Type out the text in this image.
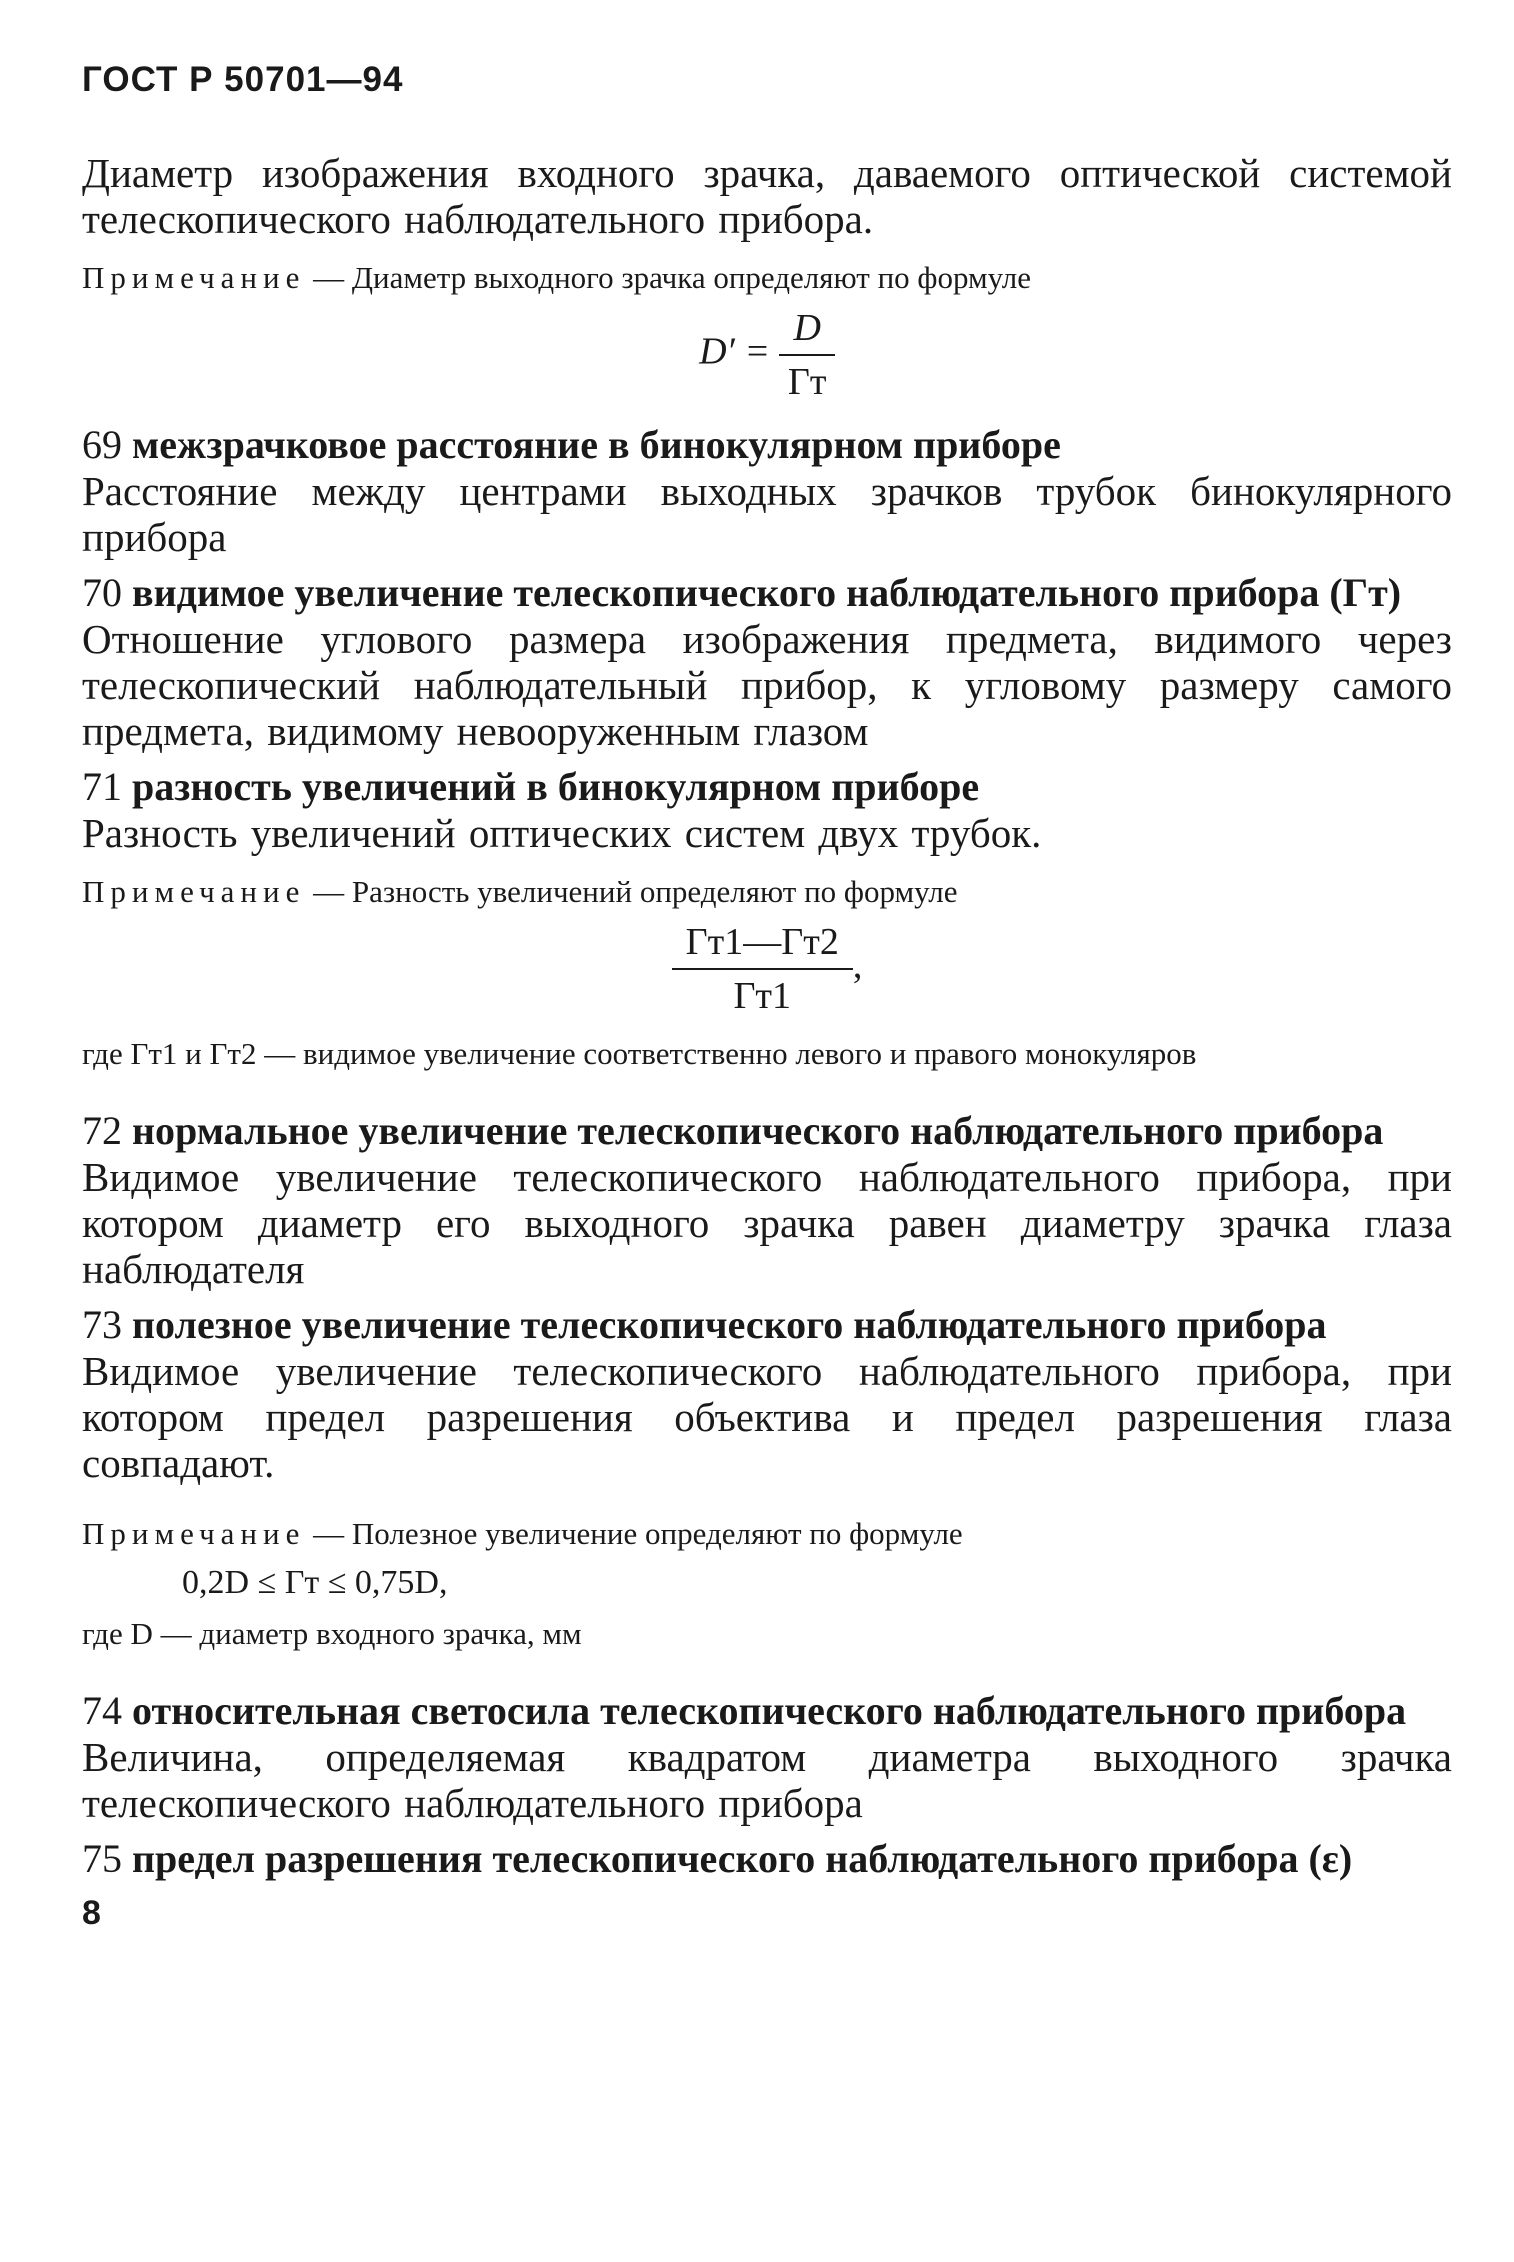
ГОСТ Р 50701—94
Диаметр изображения входного зрачка, даваемого оптической системой телескопического наблюдательного прибора.
Примечание — Диаметр выходного зрачка определяют по формуле
$D' = \frac{D}{Гт}$
69 межзрачковое расстояние в бинокулярном приборе
Расстояние между центрами выходных зрачков трубок бинокулярного прибора
70 видимое увеличение телескопического наблюдательного прибора (Гт)
Отношение углового размера изображения предмета, видимого через телескопический наблюдательный прибор, к угловому размеру самого предмета, видимому невооруженным глазом
71 разность увеличений в бинокулярном приборе
Разность увеличений оптических систем двух трубок.
Примечание — Разность увеличений определяют по формуле
$\frac{Гт1—Гт2}{Гт1}$ ,
где Гт1 и Гт2 — видимое увеличение соответственно левого и правого монокуляров
72 нормальное увеличение телескопического наблюдательного прибора
Видимое увеличение телескопического наблюдательного прибора, при котором диаметр его выходного зрачка равен диаметру зрачка глаза наблюдателя
73 полезное увеличение телескопического наблюдательного прибора
Видимое увеличение телескопического наблюдательного прибора, при котором предел разрешения объектива и предел разрешения глаза совпадают.
Примечание — Полезное увеличение определяют по формуле
0,2D ≤ Гт ≤ 0,75D,
где D — диаметр входного зрачка, мм
74 относительная светосила телескопического наблюдательного прибора
Величина, определяемая квадратом диаметра выходного зрачка телескопического наблюдательного прибора
75 предел разрешения телескопического наблюдательного прибора (ε)
8
